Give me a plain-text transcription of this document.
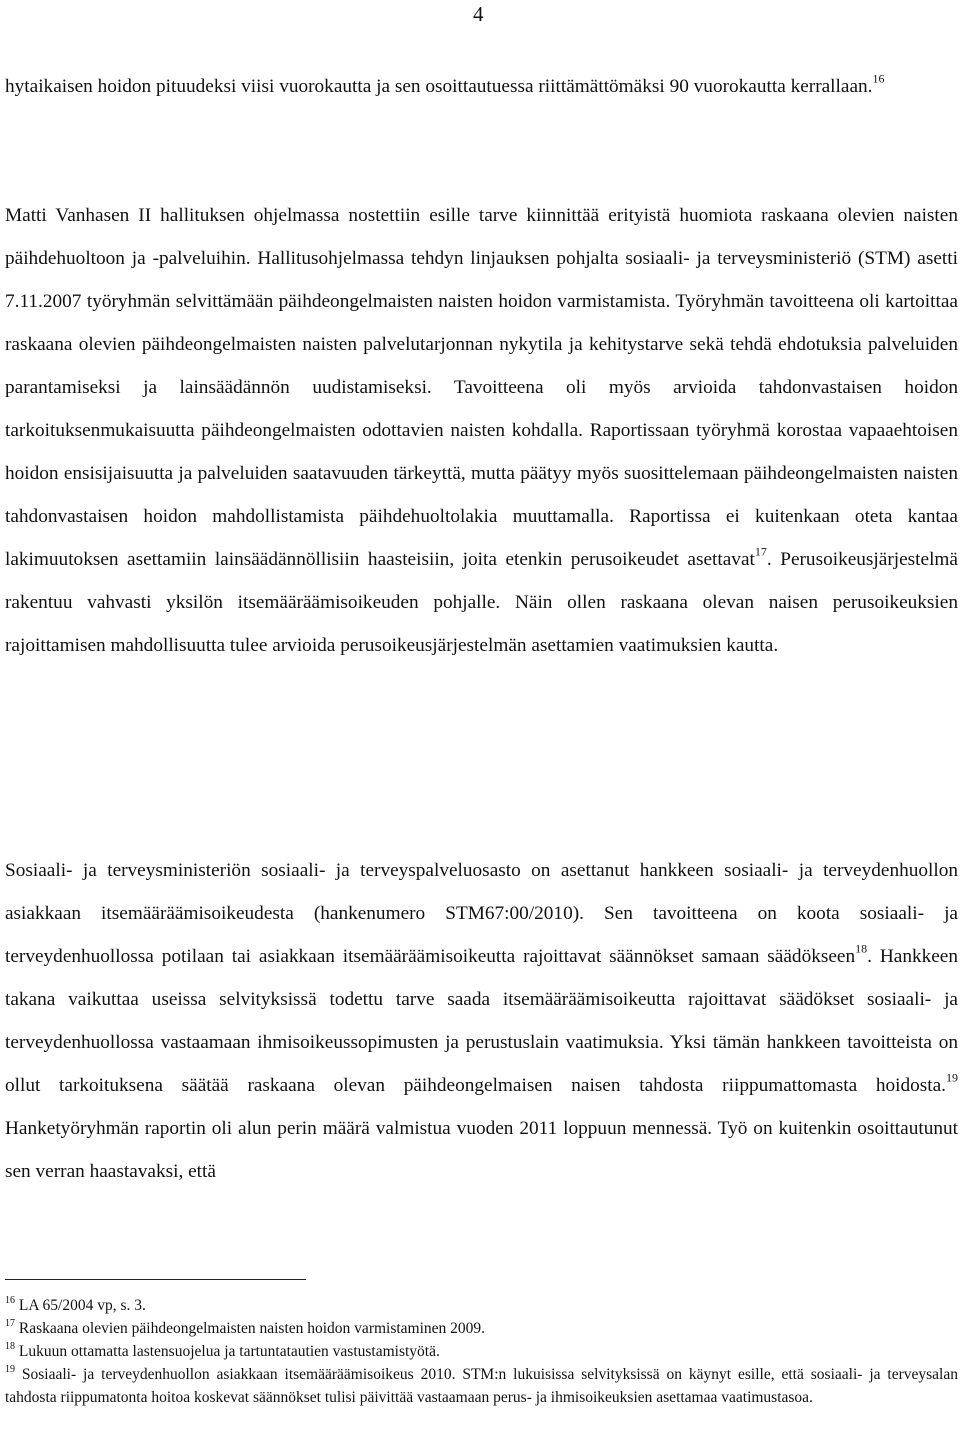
4

hytaikaisen hoidon pituudeksi viisi vuorokautta ja sen osoittautuessa riittämättömäksi 90 vuorokautta kerrallaan.$^{16}$

Matti Vanhasen II hallituksen ohjelmassa nostettiin esille tarve kiinnittää erityistä huomiota raskaana olevien naisten päihdehuoltoon ja -palveluihin. Hallitusohjelmassa tehdyn linjauksen pohjalta sosiaali- ja terveysministeriö (STM) asetti 7.11.2007 työryhmän selvittämään päihdeongelmaisten naisten hoidon varmistamista. Työryhmän tavoitteena oli kartoittaa raskaana olevien päihdeongelmaisten naisten palvelutarjonnan nykytila ja kehitystarve sekä tehdä ehdotuksia palveluiden parantamiseksi ja lainsäädännön uudistamiseksi. Tavoitteena oli myös arvioida tahdonvastaisen hoidon tarkoituksenmukaisuutta päihdeongelmaisten odottavien naisten kohdalla. Raportissaan työryhmä korostaa vapaaehtoisen hoidon ensisijaisuutta ja palveluiden saatavuuden tärkeyttä, mutta päätyy myös suosittelemaan päihdeongelmaisten naisten tahdonvastaisen hoidon mahdollistamista päihdehuoltolakia muuttamalla. Raportissa ei kuitenkaan oteta kantaa lakimuutoksen asettamiin lainsäädännöllisiin haasteisiin, joita etenkin perusoikeudet asettavat$^{17}$. Perusoikeusjärjestelmä rakentuu vahvasti yksilön itsemääräämisoikeuden pohjalle. Näin ollen raskaana olevan naisen perusoikeuksien rajoittamisen mahdollisuutta tulee arvioida perusoikeusjärjestelmän asettamien vaatimuksien kautta.

Sosiaali- ja terveysministeriön sosiaali- ja terveyspalveluosasto on asettanut hankkeen sosiaali- ja terveydenhuollon asiakkaan itsemääräämisoikeudesta (hankenumero STM67:00/2010). Sen tavoitteena on koota sosiaali- ja terveydenhuollossa potilaan tai asiakkaan itsemääräämisoikeutta rajoittavat säännökset samaan säädökseen$^{18}$. Hankkeen takana vaikuttaa useissa selvityksissä todettu tarve saada itsemääräämisoikeutta rajoittavat säädökset sosiaali- ja terveydenhuollossa vastaamaan ihmisoikeussopimusten ja perustuslain vaatimuksia. Yksi tämän hankkeen tavoitteista on ollut tarkoituksena säätää raskaana olevan päihdeongelmaisen naisen tahdosta riippumattomasta hoidosta.$^{19}$ Hanketyöryhmän raportin oli alun perin määrä valmistua vuoden 2011 loppuun mennessä. Työ on kuitenkin osoittautunut sen verran haastavaksi, että

$^{16}$ LA 65/2004 vp, s. 3.
$^{17}$ Raskaana olevien päihdeongelmaisten naisten hoidon varmistaminen 2009.
$^{18}$ Lukuun ottamatta lastensuojelua ja tartuntatautien vastustamistyötä.
$^{19}$ Sosiaali- ja terveydenhuollon asiakkaan itsemääräämisoikeus 2010. STM:n lukuisissa selvityksissä on käynyt esille, että sosiaali- ja terveysalan tahdosta riippumatonta hoitoa koskevat säännökset tulisi päivittää vastaamaan perus- ja ihmisoikeuksien asettamaa vaatimustasoa.
